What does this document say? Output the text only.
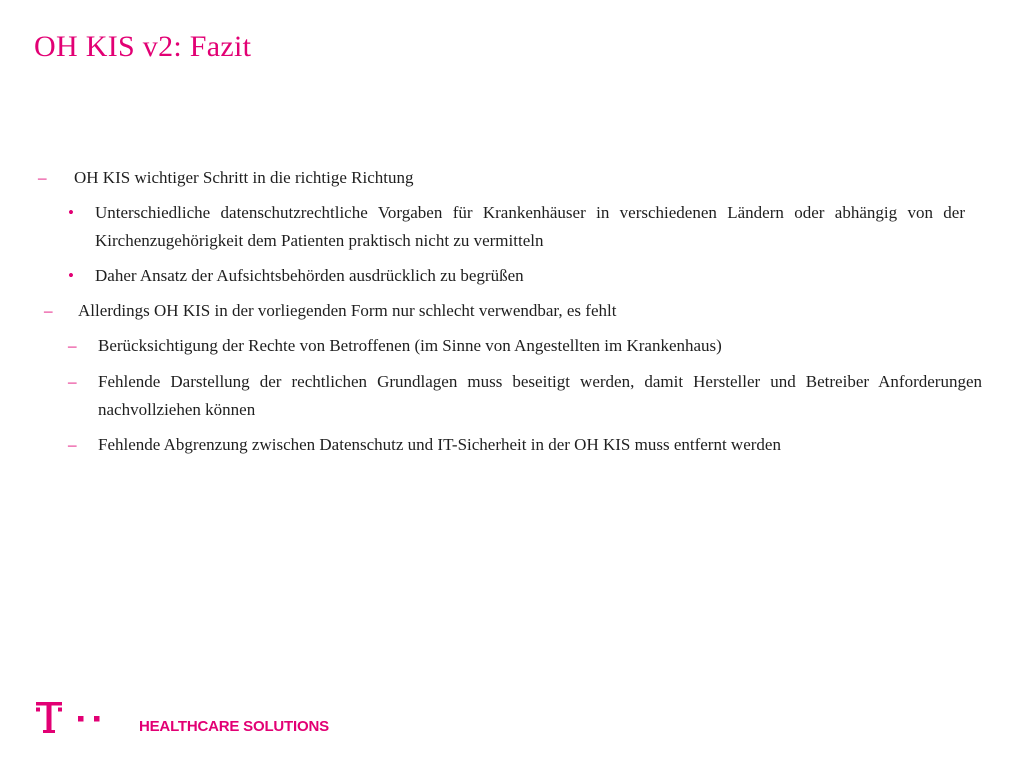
OH KIS v2: Fazit
– OH KIS wichtiger Schritt in die richtige Richtung
• Unterschiedliche datenschutzrechtliche Vorgaben für Krankenhäuser in verschiedenen Ländern oder abhängig von der Kirchenzugehörigkeit dem Patienten praktisch nicht zu vermitteln
• Daher Ansatz der Aufsichtsbehörden ausdrücklich zu begrüßen
– Allerdings OH KIS in der vorliegenden Form nur schlecht verwendbar, es fehlt
– Berücksichtigung der Rechte von Betroffenen (im Sinne von Angestellten im Krankenhaus)
– Fehlende Darstellung der rechtlichen Grundlagen muss beseitigt werden, damit Hersteller und Betreiber Anforderungen nachvollziehen können
– Fehlende Abgrenzung zwischen Datenschutz und IT-Sicherheit in der OH KIS muss entfernt werden
HEALTHCARE SOLUTIONS
